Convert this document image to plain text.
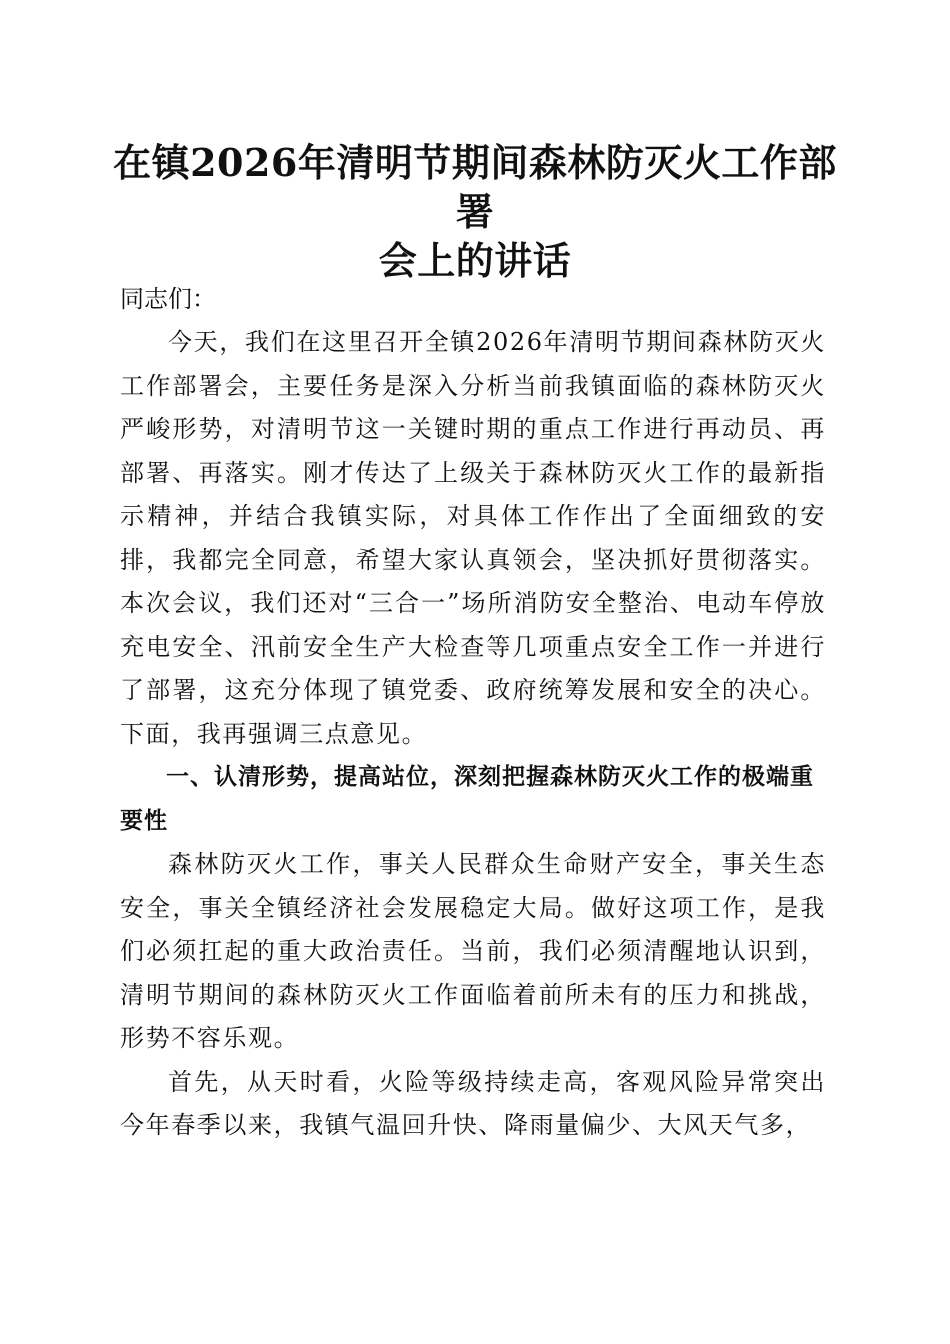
在镇2026年清明节期间森林防灭火工作部署
会上的讲话

同志们：

今天，我们在这里召开全镇2026年清明节期间森林防灭火工作部署会，主要任务是深入分析当前我镇面临的森林防灭火严峻形势，对清明节这一关键时期的重点工作进行再动员、再部署、再落实。刚才传达了上级关于森林防灭火工作的最新指示精神，并结合我镇实际，对具体工作作出了全面细致的安排，我都完全同意，希望大家认真领会，坚决抓好贯彻落实。本次会议，我们还对“三合一”场所消防安全整治、电动车停放充电安全、汛前安全生产大检查等几项重点安全工作一并进行了部署，这充分体现了镇党委、政府统筹发展和安全的决心。下面，我再强调三点意见。

一、认清形势，提高站位，深刻把握森林防灭火工作的极端重要性

森林防灭火工作，事关人民群众生命财产安全，事关生态安全，事关全镇经济社会发展稳定大局。做好这项工作，是我们必须扛起的重大政治责任。当前，我们必须清醒地认识到，清明节期间的森林防灭火工作面临着前所未有的压力和挑战，形势不容乐观。

首先，从天时看，火险等级持续走高，客观风险异常突出今年春季以来，我镇气温回升快、降雨量偏少、大风天气多，
